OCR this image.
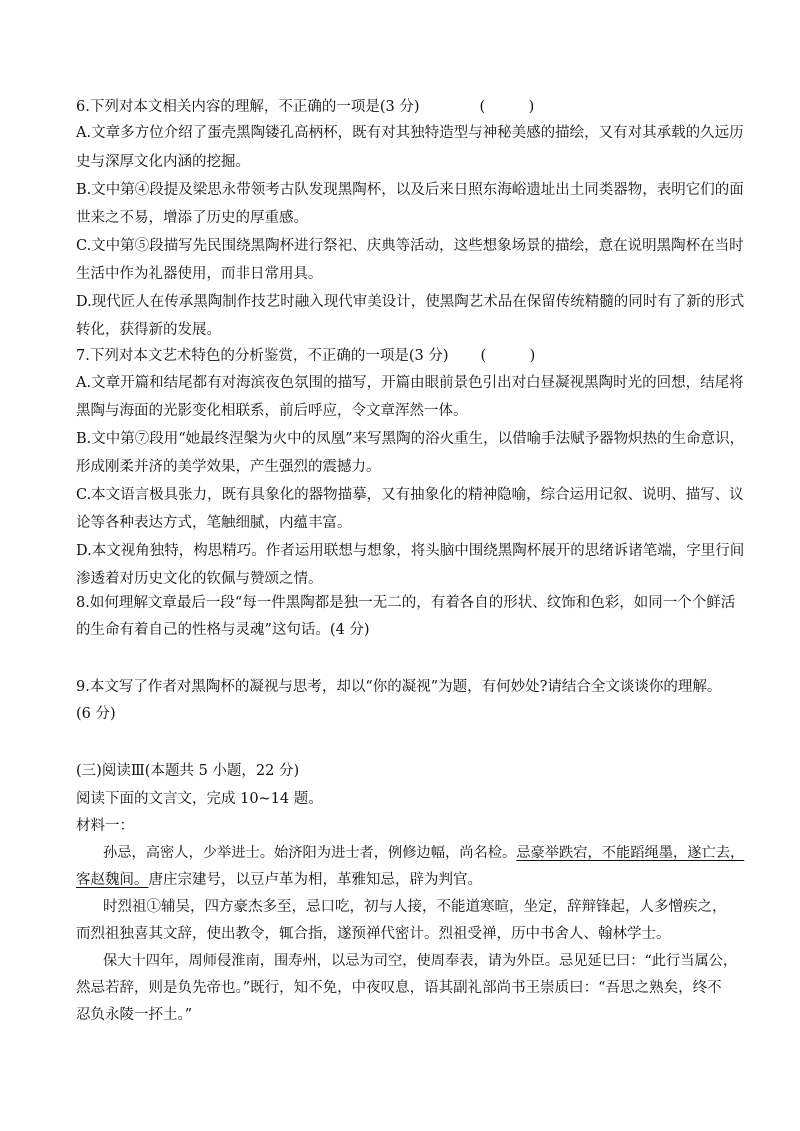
6.下列对本文相关内容的理解，不正确的一项是(3 分)	(　　　)
A.文章多方位介绍了蛋壳黑陶镂孔高柄杯，既有对其独特造型与神秘美感的描绘，又有对其承载的久远历
史与深厚文化内涵的挖掘。
B.文中第④段提及梁思永带领考古队发现黑陶杯，以及后来日照东海峪遗址出土同类器物，表明它们的面
世来之不易，增添了历史的厚重感。
C.文中第⑤段描写先民围绕黑陶杯进行祭祀、庆典等活动，这些想象场景的描绘，意在说明黑陶杯在当时
生活中作为礼器使用，而非日常用具。
D.现代匠人在传承黑陶制作技艺时融入现代审美设计，使黑陶艺术品在保留传统精髓的同时有了新的形式
转化，获得新的发展。
7.下列对本文艺术特色的分析鉴赏，不正确的一项是(3 分) (　　　)
A.文章开篇和结尾都有对海滨夜色氛围的描写，开篇由眼前景色引出对白昼凝视黑陶时光的回想，结尾将
黑陶与海面的光影变化相联系，前后呼应，令文章浑然一体。
B.文中第⑦段用“她最终涅槃为火中的凤凰”来写黑陶的浴火重生，以借喻手法赋予器物炽热的生命意识，
形成刚柔并济的美学效果，产生强烈的震撼力。
C.本文语言极具张力，既有具象化的器物描摹，又有抽象化的精神隐喻，综合运用记叙、说明、描写、议
论等各种表达方式，笔触细腻，内蕴丰富。
D.本文视角独特，构思精巧。作者运用联想与想象，将头脑中围绕黑陶杯展开的思绪诉诸笔端，字里行间
渗透着对历史文化的钦佩与赞颂之情。
8.如何理解文章最后一段“每一件黑陶都是独一无二的，有着各自的形状、纹饰和色彩，如同一个个鲜活
的生命有着自己的性格与灵魂”这句话。(4 分)
9.本文写了作者对黑陶杯的凝视与思考，却以“你的凝视”为题，有何妙处?请结合全文谈谈你的理解。
(6 分)
(三)阅读Ⅲ(本题共 5 小题，22 分)
阅读下面的文言文，完成 10~14 题。
材料一：
孙忌，高密人，少举进士。始济阳为进士者，例修边幅，尚名检。忌豪举跌宕，不能蹈绳墨，遂亡去，
客赵魏间。唐庄宗建号，以豆卢革为相，革雅知忌，辟为判官。
时烈祖①辅吴，四方豪杰多至，忌口吃，初与人接，不能道寒暄，坐定，辞辩锋起，人多憎疾之，
而烈祖独喜其文辞，使出教令，辄合指，遂预禅代密计。烈祖受禅，历中书舍人、翰林学士。
保大十四年，周师侵淮南，围寿州，以忌为司空，使周奉表，请为外臣。忌见延巳曰：“此行当属公，
然忌若辞，则是负先帝也。”既行，知不免，中夜叹息，语其副礼部尚书王崇质曰：“吾思之熟矣，终不
忍负永陵一抔土。”
